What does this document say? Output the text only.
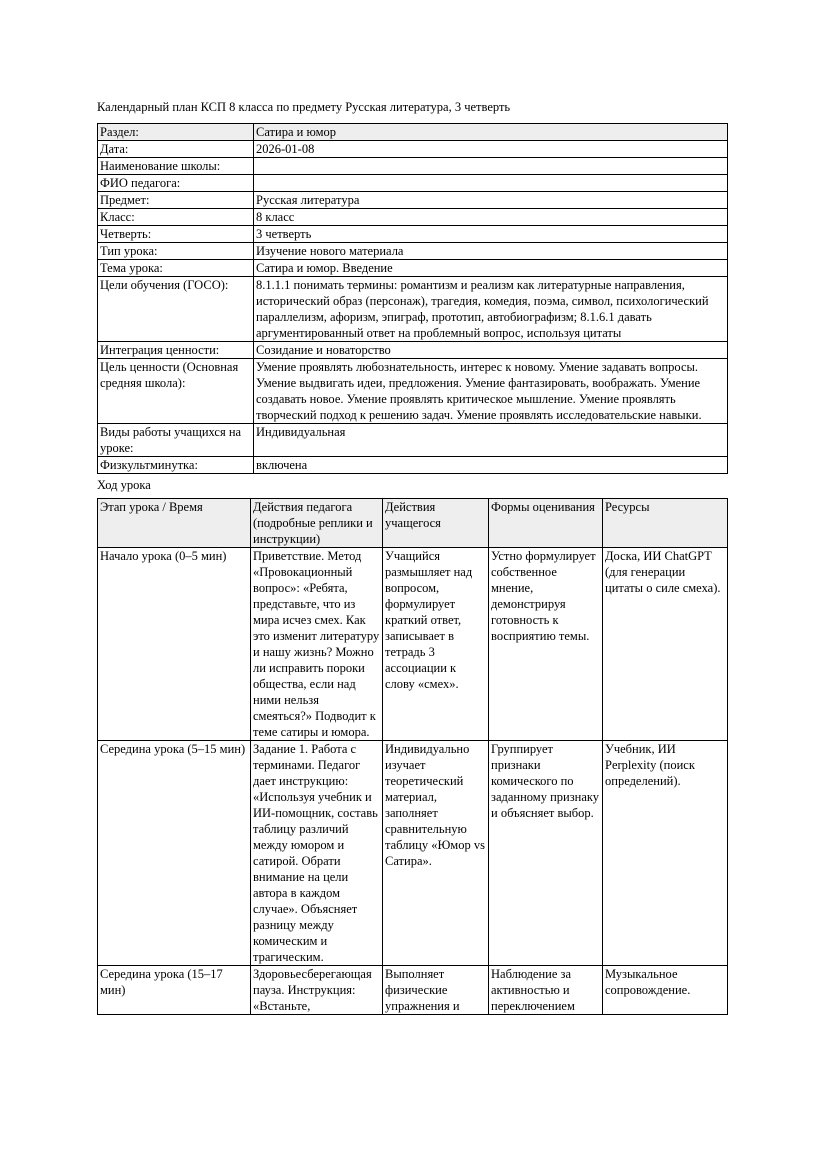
Календарный план КСП 8 класса по предмету Русская литература, 3 четверть

Раздел:	Сатира и юмор
Дата:	2026-01-08
Наименование школы:	
ФИО педагога:	
Предмет:	Русская литература
Класс:	8 класс
Четверть:	3 четверть
Тип урока:	Изучение нового материала
Тема урока:	Сатира и юмор. Введение
Цели обучения (ГОСО):	8.1.1.1 понимать термины: романтизм и реализм как литературные направления, исторический образ (персонаж), трагедия, комедия, поэма, символ, психологический параллелизм, афоризм, эпиграф, прототип, автобиографизм; 8.1.6.1 давать аргументированный ответ на проблемный вопрос, используя цитаты
Интеграция ценности:	Созидание и новаторство
Цель ценности (Основная средняя школа):	Умение проявлять любознательность, интерес к новому. Умение задавать вопросы. Умение выдвигать идеи, предложения. Умение фантазировать, воображать. Умение создавать новое. Умение проявлять критическое мышление. Умение проявлять творческий подход к решению задач. Умение проявлять исследовательские навыки.
Виды работы учащихся на уроке:	Индивидуальная
Физкультминутка:	включена

Ход урока

Этап урока / Время	Действия педагога (подробные реплики и инструкции)	Действия учащегося	Формы оценивания	Ресурсы
Начало урока (0–5 мин)	Приветствие. Метод «Провокационный вопрос»: «Ребята, представьте, что из мира исчез смех. Как это изменит литературу и нашу жизнь? Можно ли исправить пороки общества, если над ними нельзя смеяться?» Подводит к теме сатиры и юмора.	Учащийся размышляет над вопросом, формулирует краткий ответ, записывает в тетрадь 3 ассоциации к слову «смех».	Устно формулирует собственное мнение, демонстрируя готовность к восприятию темы.	Доска, ИИ ChatGPT (для генерации цитаты о силе смеха).
Середина урока (5–15 мин)	Задание 1. Работа с терминами. Педагог дает инструкцию: «Используя учебник и ИИ-помощник, составь таблицу различий между юмором и сатирой. Обрати внимание на цели автора в каждом случае». Объясняет разницу между комическим и трагическим.	Индивидуально изучает теоретический материал, заполняет сравнительную таблицу «Юмор vs Сатира».	Группирует признаки комического по заданному признаку и объясняет выбор.	Учебник, ИИ Perplexity (поиск определений).
Середина урока (15–17 мин)	Здоровьесберегающая пауза. Инструкция: «Встаньте,	Выполняет физические упражнения и	Наблюдение за активностью и переключением	Музыкальное сопровождение.
